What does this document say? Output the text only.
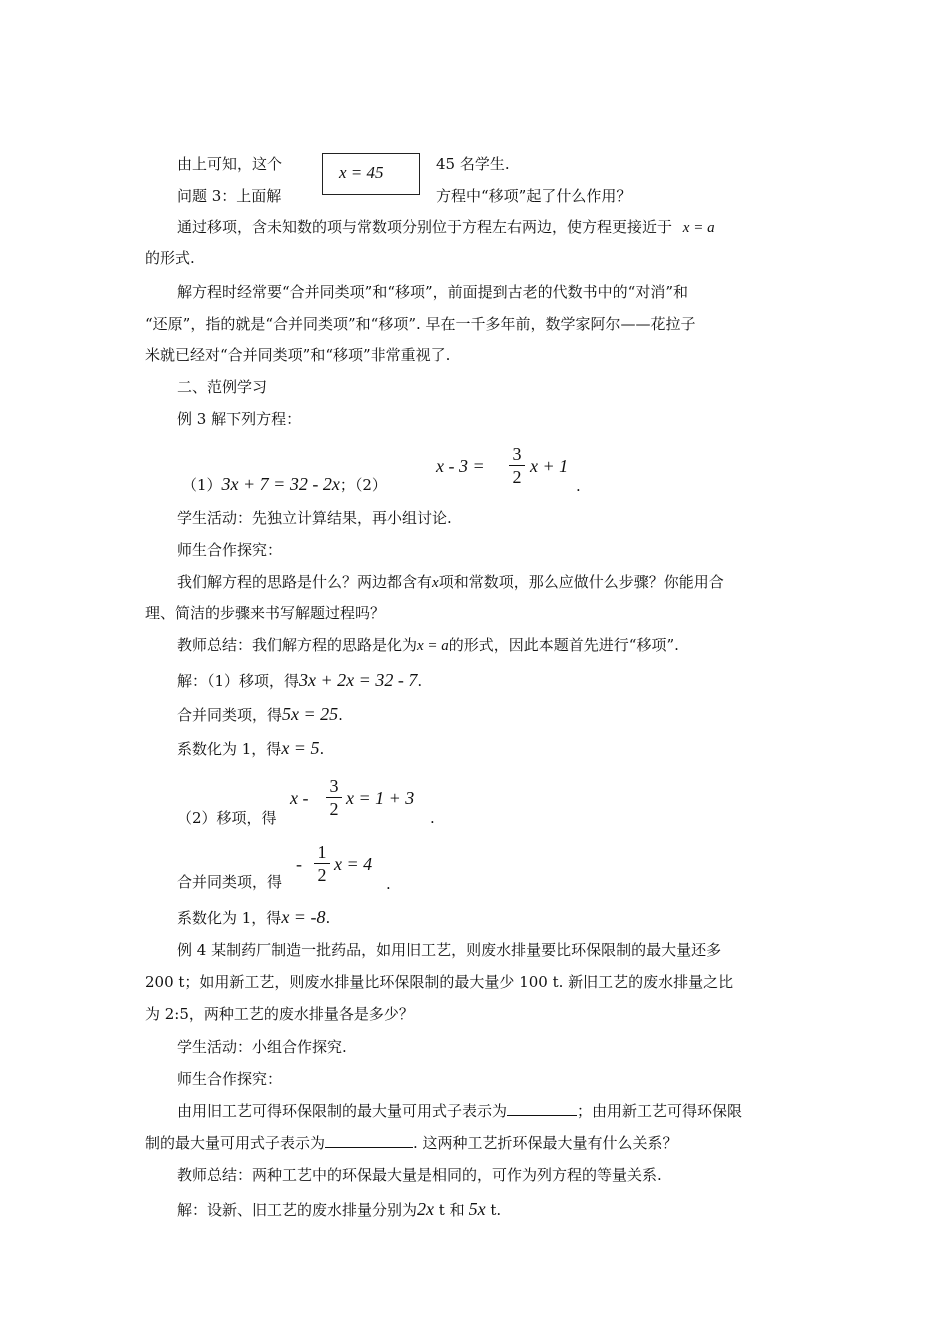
由上可知，这个	x = 45	45 名学生.
问题 3：上面解	方程中“移项”起了什么作用？
通过移项，含未知数的项与常数项分别位于方程左右两边，使方程更接近于 x = a
的形式.
解方程时经常要“合并同类项”和“移项”，前面提到古老的代数书中的“对消”和
“还原”，指的就是“合并同类项”和“移项”. 早在一千多年前，数学家阿尔——花拉子
米就已经对“合并同类项”和“移项”非常重视了.
二、范例学习
例 3 解下列方程：
（1）3x + 7 = 32 - 2x；（2）
x - 3 =
3
2
x + 1
.
学生活动：先独立计算结果，再小组讨论.
师生合作探究：
我们解方程的思路是什么？两边都含有x项和常数项，那么应做什么步骤？你能用合
理、简洁的步骤来书写解题过程吗？
教师总结：我们解方程的思路是化为x = a的形式，因此本题首先进行“移项”.
解：（1）移项，得3x + 2x = 32 - 7.
合并同类项，得5x = 25.
系数化为 1，得x = 5.
（2）移项，得
x -
3
2
x = 1 + 3
.
合并同类项，得
-
1
2
x = 4
.
系数化为 1，得x = -8.
例 4 某制药厂制造一批药品，如用旧工艺，则废水排量要比环保限制的最大量还多
200 t；如用新工艺，则废水排量比环保限制的最大量少 100 t. 新旧工艺的废水排量之比
为 2:5，两种工艺的废水排量各是多少？
学生活动：小组合作探究.
师生合作探究：
由用旧工艺可得环保限制的最大量可用式子表示为	；由用新工艺可得环保限
制的最大量可用式子表示为	. 这两种工艺折环保最大量有什么关系？
教师总结：两种工艺中的环保最大量是相同的，可作为列方程的等量关系.
解：设新、旧工艺的废水排量分别为2x t 和 5x t.
